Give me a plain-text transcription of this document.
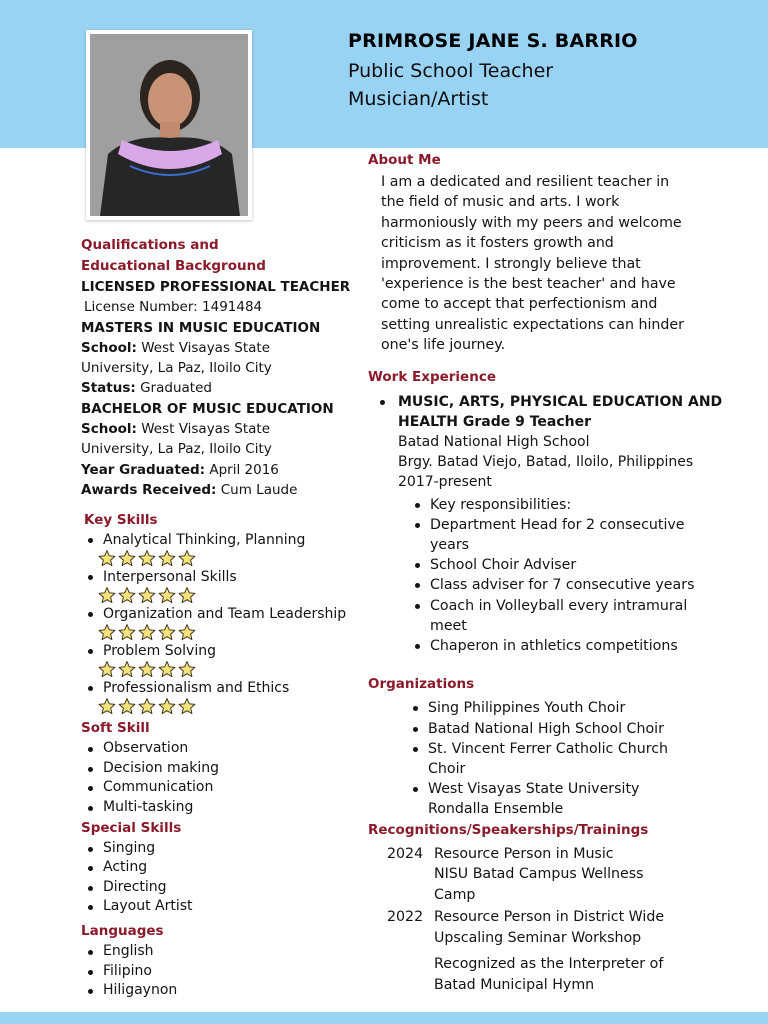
PRIMROSE JANE S. BARRIO
Public School Teacher
Musician/Artist
Qualifications and
Educational Background
LICENSED PROFESSIONAL TEACHER
License Number: 1491484
MASTERS IN MUSIC EDUCATION
School: West Visayas State
University, La Paz, Iloilo City
Status: Graduated
BACHELOR OF MUSIC EDUCATION
School: West Visayas State
University, La Paz, Iloilo City
Year Graduated: April 2016
Awards Received: Cum Laude
Key Skills
Analytical Thinking, Planning
Interpersonal Skills
Organization and Team Leadership
Problem Solving
Professionalism and Ethics
Soft Skill
Observation
Decision making
Communication
Multi-tasking
Special Skills
Singing
Acting
Directing
Layout Artist
Languages
English
Filipino
Hiligaynon
About Me
I am a dedicated and resilient teacher in
the field of music and arts. I work
harmoniously with my peers and welcome
criticism as it fosters growth and
improvement. I strongly believe that
'experience is the best teacher' and have
come to accept that perfectionism and
setting unrealistic expectations can hinder
one's life journey.
Work Experience
MUSIC, ARTS, PHYSICAL EDUCATION AND
HEALTH Grade 9 Teacher
Batad National High School
Brgy. Batad Viejo, Batad, Iloilo, Philippines
2017-present
Key responsibilities:
Department Head for 2 consecutive
years
School Choir Adviser
Class adviser for 7 consecutive years
Coach in Volleyball every intramural
meet
Chaperon in athletics competitions
Organizations
Sing Philippines Youth Choir
Batad National High School Choir
St. Vincent Ferrer Catholic Church
Choir
West Visayas State University
Rondalla Ensemble
Recognitions/Speakerships/Trainings
2024 Resource Person in Music
NISU Batad Campus Wellness
Camp
2022 Resource Person in District Wide
Upscaling Seminar Workshop
Recognized as the Interpreter of
Batad Municipal Hymn
